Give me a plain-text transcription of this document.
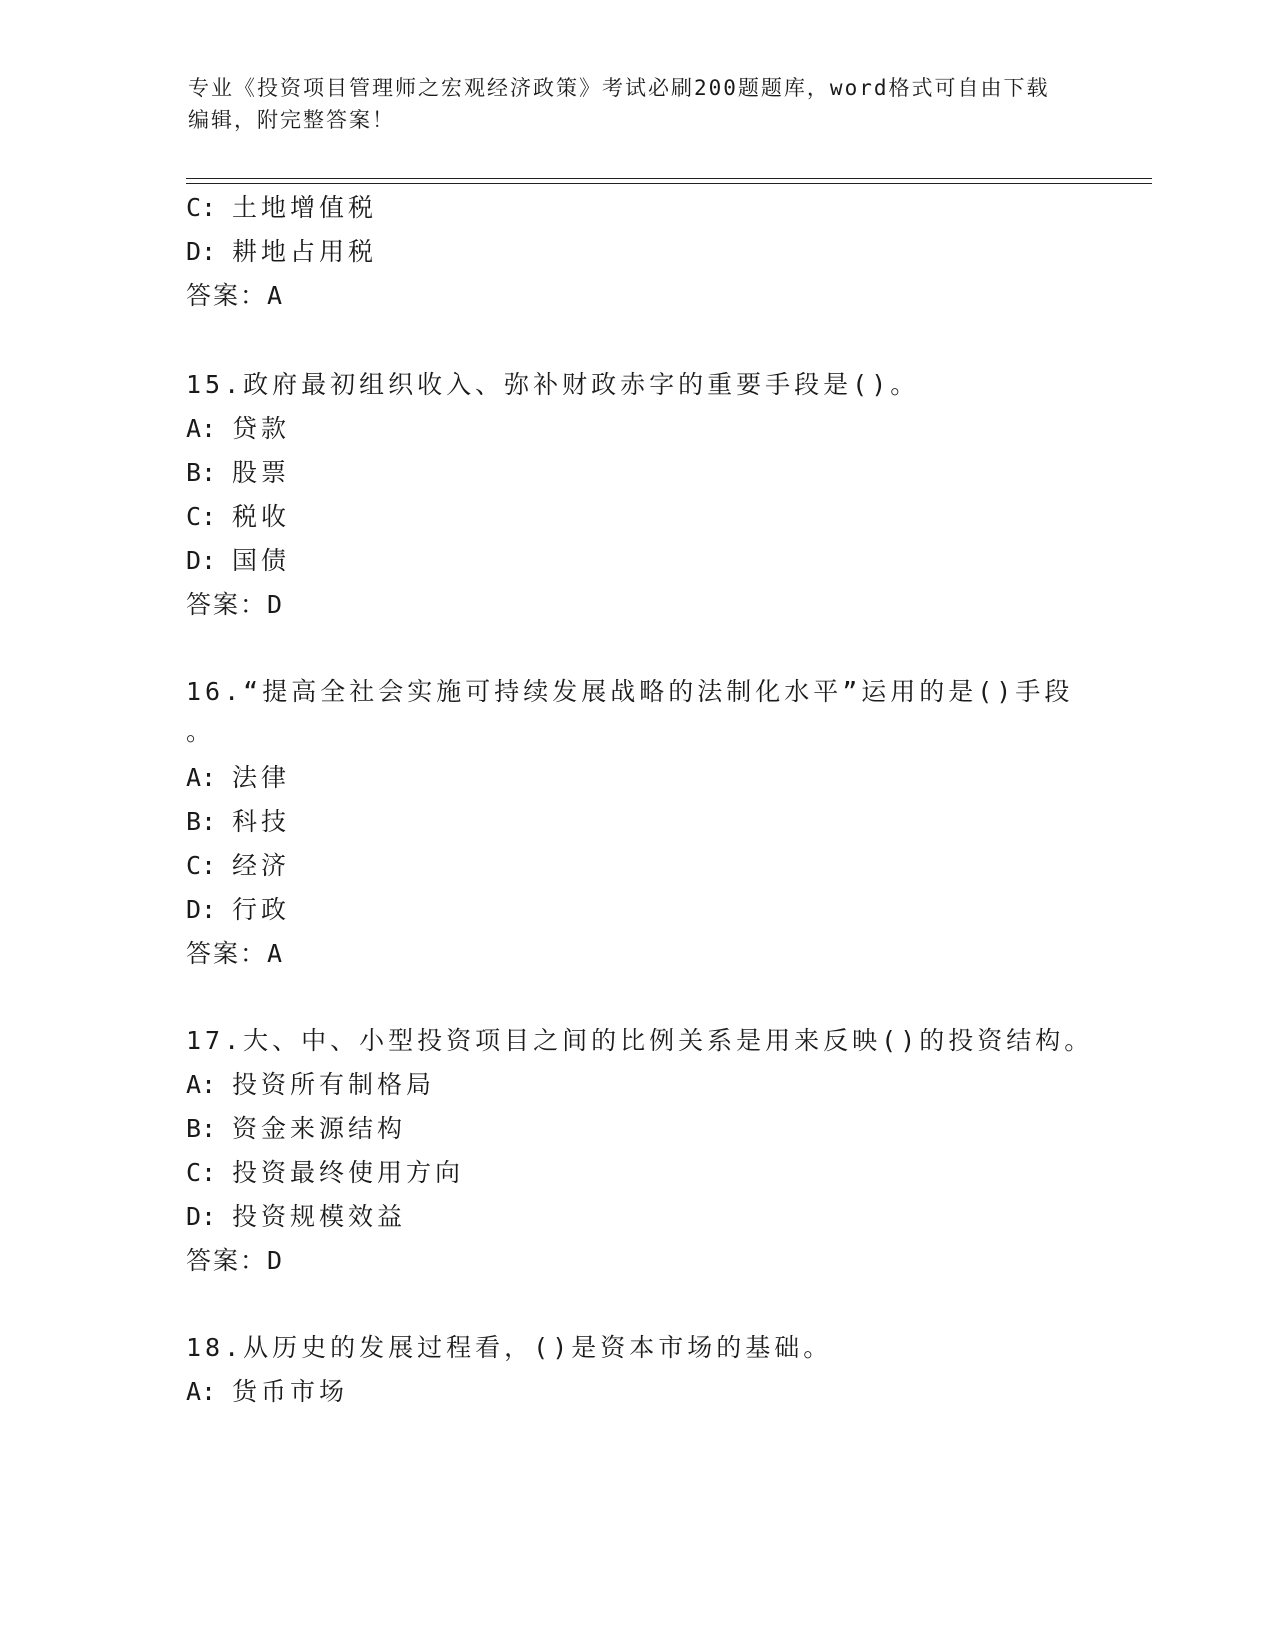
专业《投资项目管理师之宏观经济政策》考试必刷200题题库，word格式可自由下载编辑，附完整答案！
C: 土地增值税
D: 耕地占用税
答案：A
15.政府最初组织收入、弥补财政赤字的重要手段是()。
A: 贷款
B: 股票
C: 税收
D: 国债
答案：D
16.“提高全社会实施可持续发展战略的法制化水平”运用的是()手段
。
A: 法律
B: 科技
C: 经济
D: 行政
答案：A
17.大、中、小型投资项目之间的比例关系是用来反映()的投资结构。
A: 投资所有制格局
B: 资金来源结构
C: 投资最终使用方向
D: 投资规模效益
答案：D
18.从历史的发展过程看，()是资本市场的基础。
A: 货币市场
